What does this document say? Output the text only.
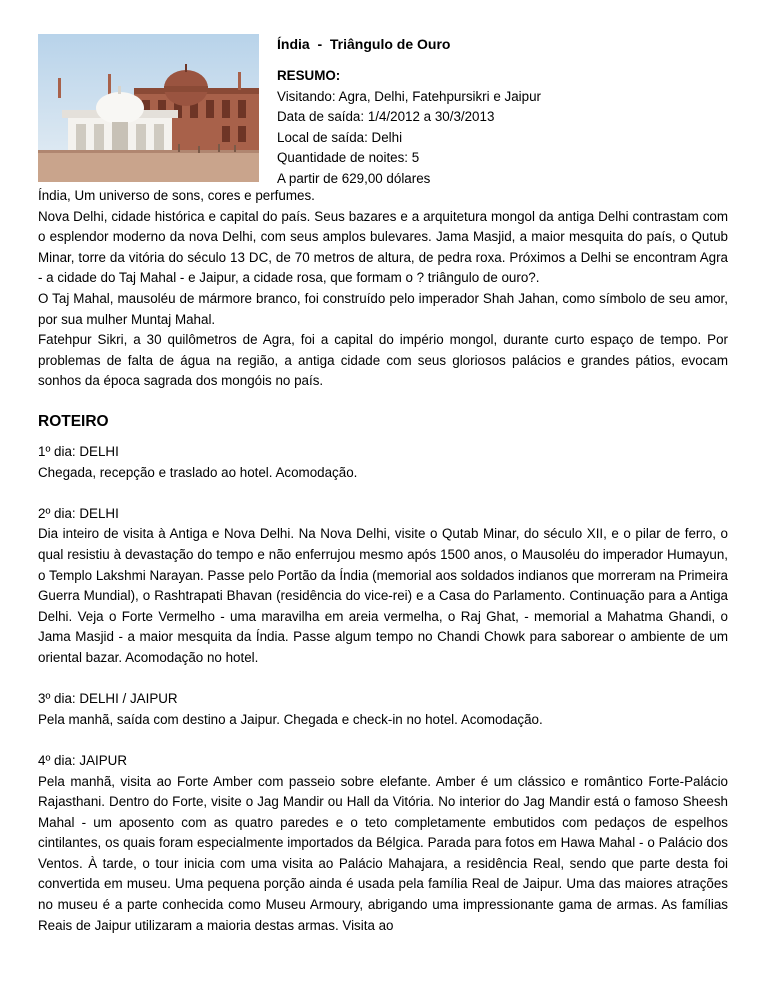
Índia  -  Triângulo de Ouro
RESUMO:
Visitando: Agra, Delhi, Fatehpursikri e Jaipur
Data de saída: 1/4/2012 a 30/3/2013
Local de saída: Delhi
Quantidade de noites: 5
A partir de 629,00 dólares

Índia, Um universo de sons, cores e perfumes.

Nova Delhi, cidade histórica e capital do país. Seus bazares e a arquitetura mongol da antiga Delhi contrastam com o esplendor moderno da nova Delhi, com seus amplos bulevares. Jama Masjid, a maior mesquita do país, o Qutub Minar, torre da vitória do século 13 DC, de 70 metros de altura, de pedra roxa. Próximos a Delhi se encontram Agra - a cidade do Taj Mahal - e Jaipur, a cidade rosa, que formam o ? triângulo de ouro?.

O Taj Mahal, mausoléu de mármore branco, foi construído pelo imperador Shah Jahan, como símbolo de seu amor, por sua mulher Muntaj Mahal.

Fatehpur Sikri, a 30 quilômetros de Agra, foi a capital do império mongol, durante curto espaço de tempo. Por problemas de falta de água na região, a antiga cidade com seus gloriosos palácios e grandes pátios, evocam sonhos da época sagrada dos mongóis no país.

ROTEIRO

1º dia: DELHI

Chegada, recepção e traslado ao hotel. Acomodação.

2º dia: DELHI

Dia inteiro de visita à Antiga e Nova Delhi. Na Nova Delhi, visite o Qutab Minar, do século XII, e o pilar de ferro, o qual resistiu à devastação do tempo e não enferrujou mesmo após 1500 anos, o Mausoléu do imperador Humayun, o Templo Lakshmi Narayan. Passe pelo Portão da Índia (memorial aos soldados indianos que morreram na Primeira Guerra Mundial), o Rashtrapati Bhavan (residência do vice-rei) e a Casa do Parlamento. Continuação para a Antiga Delhi. Veja o Forte Vermelho - uma maravilha em areia vermelha, o Raj Ghat, - memorial a Mahatma Ghandi, o Jama Masjid - a maior mesquita da Índia. Passe algum tempo no Chandi Chowk para saborear o ambiente de um oriental bazar. Acomodação no hotel.

3º dia: DELHI / JAIPUR

Pela manhã, saída com destino a Jaipur. Chegada e check-in no hotel. Acomodação.

4º dia: JAIPUR

Pela manhã, visita ao Forte Amber com passeio sobre elefante. Amber é um clássico e romântico Forte-Palácio Rajasthani. Dentro do Forte, visite o Jag Mandir ou Hall da Vitória. No interior do Jag Mandir está o famoso Sheesh Mahal - um aposento com as quatro paredes e o teto completamente embutidos com pedaços de espelhos cintilantes, os quais foram especialmente importados da Bélgica. Parada para fotos em Hawa Mahal - o Palácio dos Ventos. À tarde, o tour inicia com uma visita ao Palácio Mahajara, a residência Real, sendo que parte desta foi convertida em museu. Uma pequena porção ainda é usada pela família Real de Jaipur. Uma das maiores atrações no museu é a parte conhecida como Museu Armoury, abrigando uma impressionante gama de armas. As famílias Reais de Jaipur utilizaram a maioria destas armas. Visita ao
